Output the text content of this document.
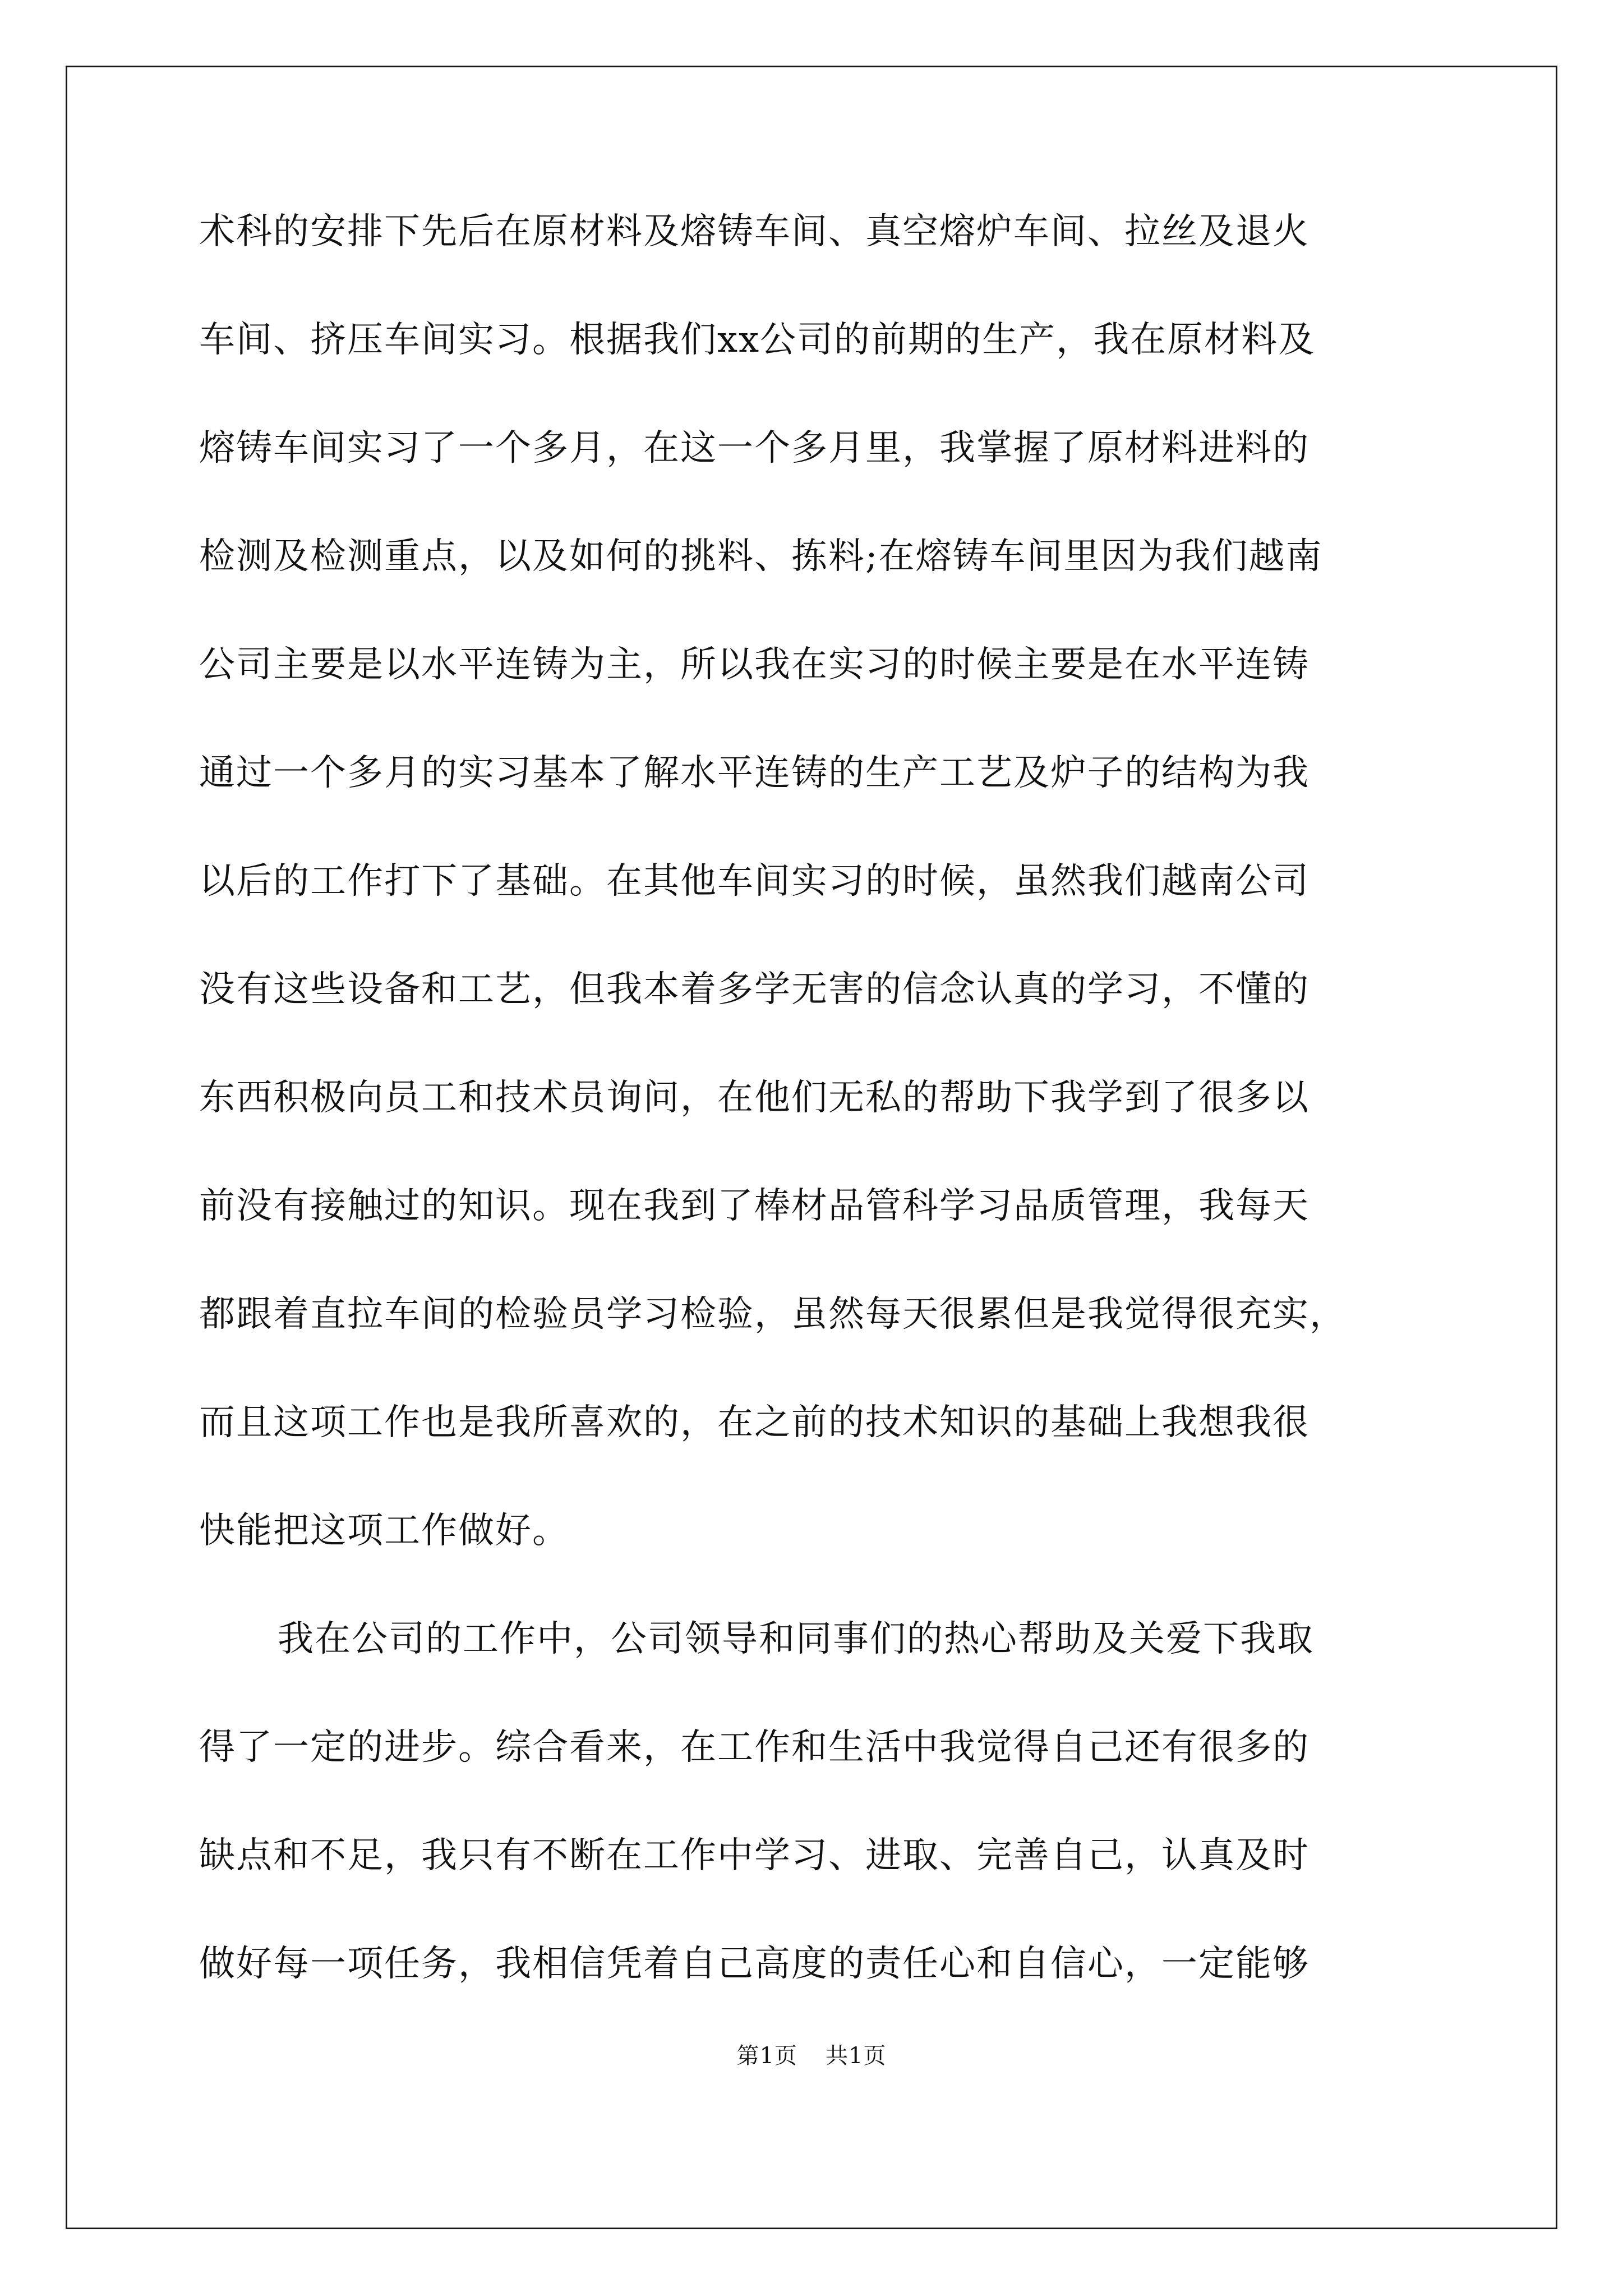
术科的安排下先后在原材料及熔铸车间、真空熔炉车间、拉丝及退火
车间、挤压车间实习。根据我们xx公司的前期的生产，我在原材料及
熔铸车间实习了一个多月，在这一个多月里，我掌握了原材料进料的
检测及检测重点，以及如何的挑料、拣料;在熔铸车间里因为我们越南
公司主要是以水平连铸为主，所以我在实习的时候主要是在水平连铸
通过一个多月的实习基本了解水平连铸的生产工艺及炉子的结构为我
以后的工作打下了基础。在其他车间实习的时候，虽然我们越南公司
没有这些设备和工艺，但我本着多学无害的信念认真的学习，不懂的
东西积极向员工和技术员询问，在他们无私的帮助下我学到了很多以
前没有接触过的知识。现在我到了棒材品管科学习品质管理，我每天
都跟着直拉车间的检验员学习检验，虽然每天很累但是我觉得很充实，
而且这项工作也是我所喜欢的，在之前的技术知识的基础上我想我很
快能把这项工作做好。
我在公司的工作中，公司领导和同事们的热心帮助及关爱下我取
得了一定的进步。综合看来，在工作和生活中我觉得自己还有很多的
缺点和不足，我只有不断在工作中学习、进取、完善自己，认真及时
做好每一项任务，我相信凭着自己高度的责任心和自信心，一定能够
第1页 共1页
